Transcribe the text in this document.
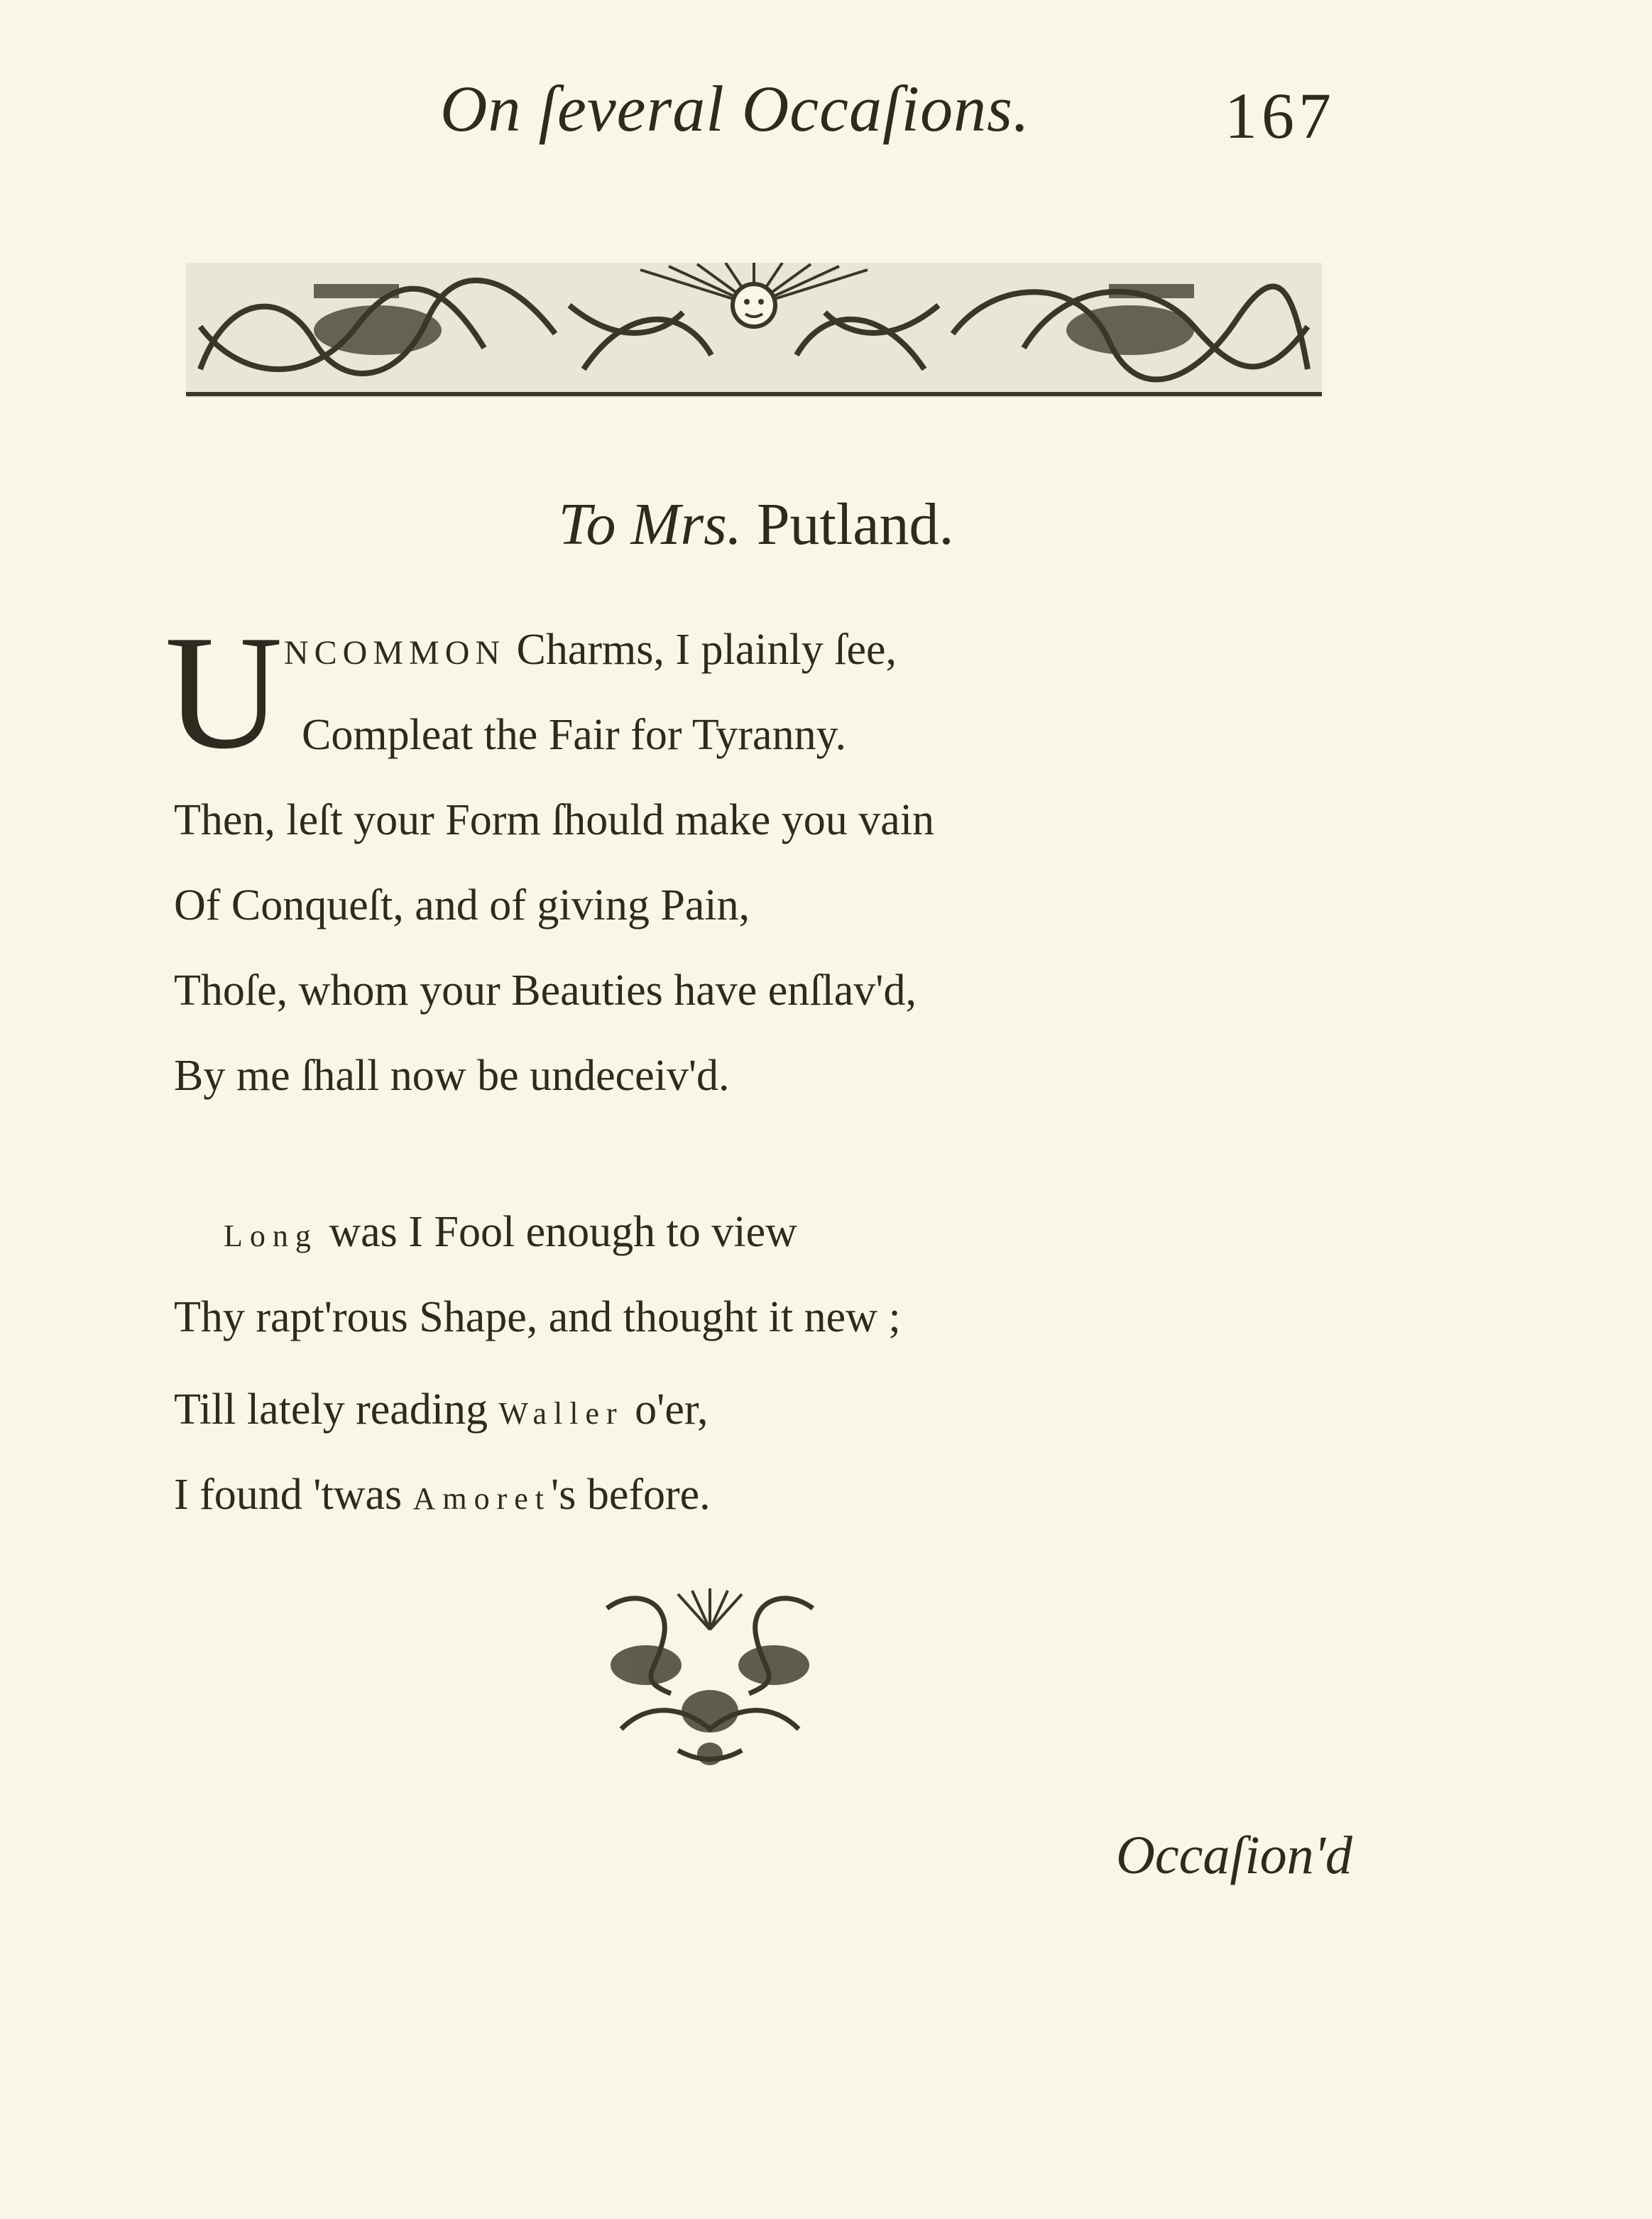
On ſeveral Occaſions.	167
To Mrs. Putland.
U NCOMMON Charms, I plainly ſee,
Compleat the Fair for Tyranny.
Then, leſt your Form ſhould make you vain
Of Conqueſt, and of giving Pain,
Thoſe, whom your Beauties have enſlav'd,
By me ſhall now be undeceiv'd.
Long was I Fool enough to view
Thy rapt'rous Shape, and thought it new ;
Till lately reading Waller o'er,
I found 'twas Amoret's before.
Occaſion'd
